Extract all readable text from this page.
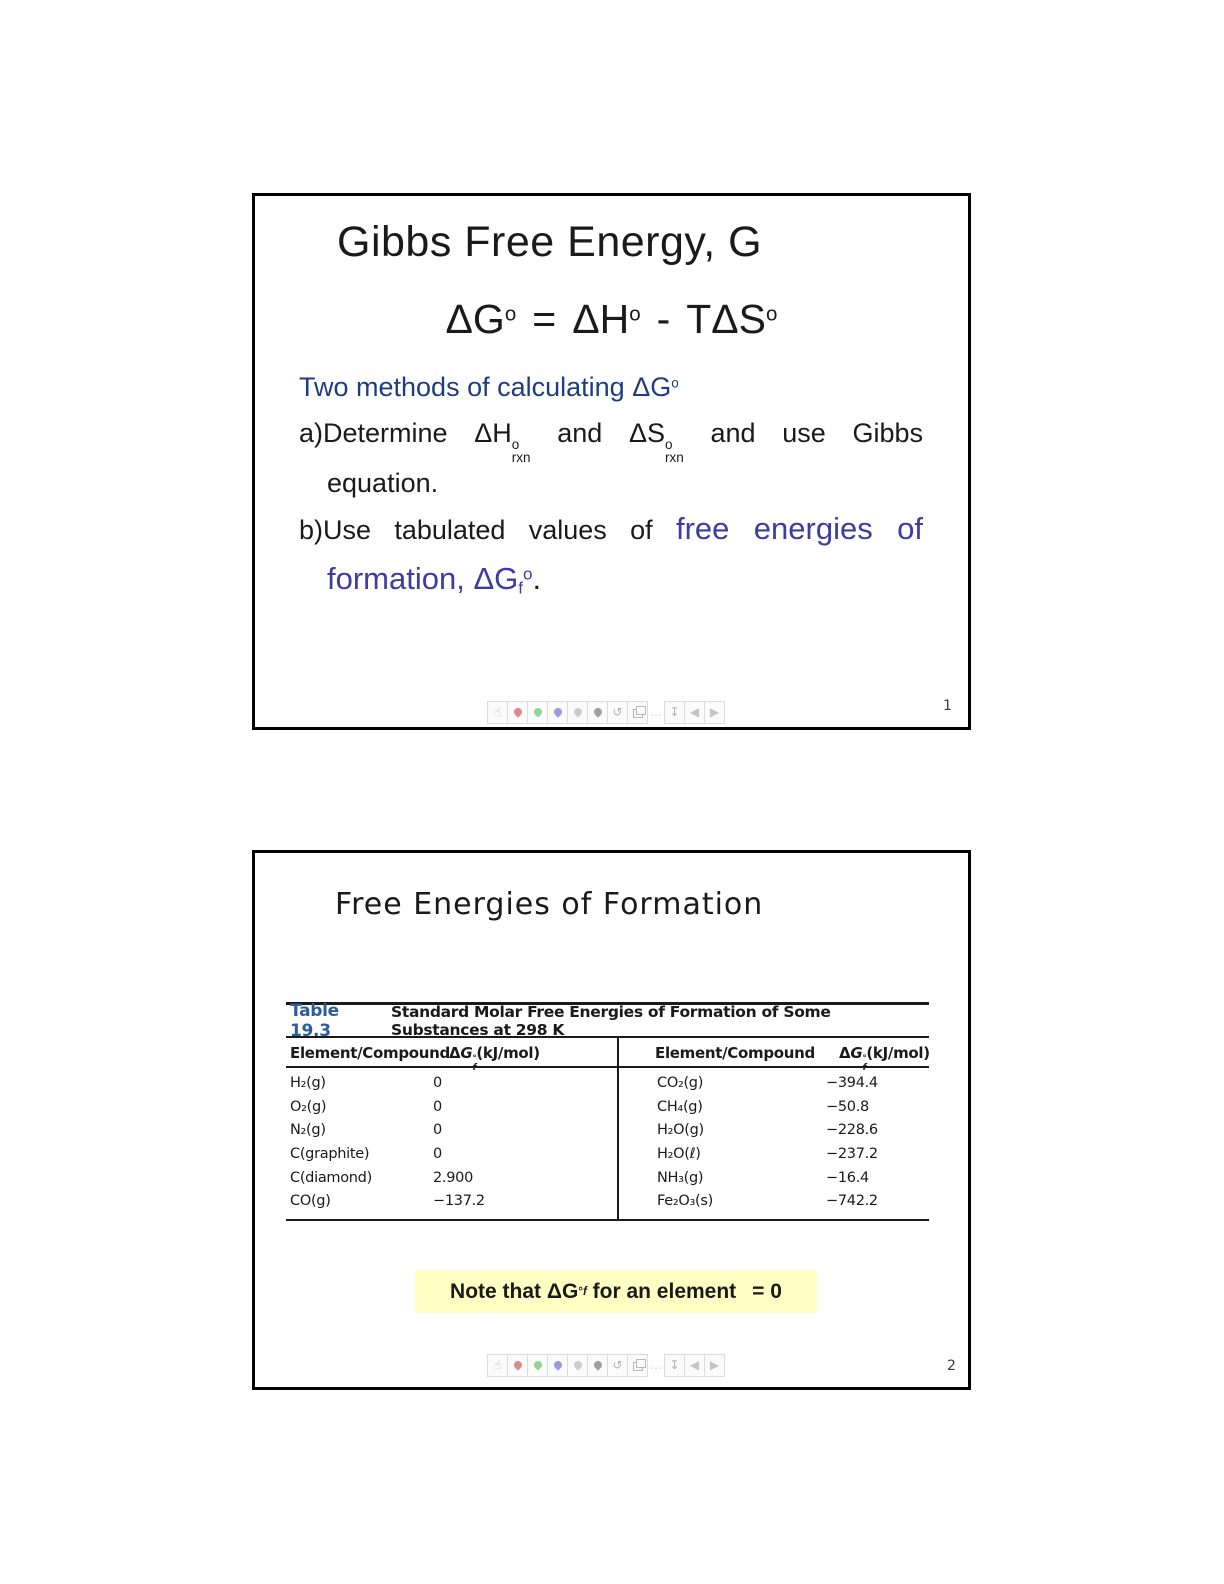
Gibbs Free Energy, G
$\Delta G^o = \Delta H^o - T\Delta S^o$
Two methods of calculating $\Delta G^o$
a)Determine ΔH o
rxn
and ΔS o
rxn
and use Gibbs
equation.
b)Use tabulated values of free energies of
formation, ΔGf$^o$.
☝	↺	… ↧ ◀ ▶	1
Free Energies of Formation
Table 19.3
Standard Molar Free Energies of Formation of Some Substances at 298 K
Element/Compound ΔG °
f
(kJ/mol)
H₂(g)	0
O₂(g)	0
N₂(g)	0
C(graphite)	0
C(diamond)	2.900
CO(g)	−137.2
Element/Compound ΔG °
f
(kJ/mol)
CO₂(g)	−394.4
CH₄(g)	−50.8
H₂O(g)	−228.6
H₂O(ℓ)	−237.2
NH₃(g)	−16.4
Fe₂O₃(s)	−742.2
Note that ΔG ° f for an element = 0
☝	↺	… ↧ ◀ ▶	2
